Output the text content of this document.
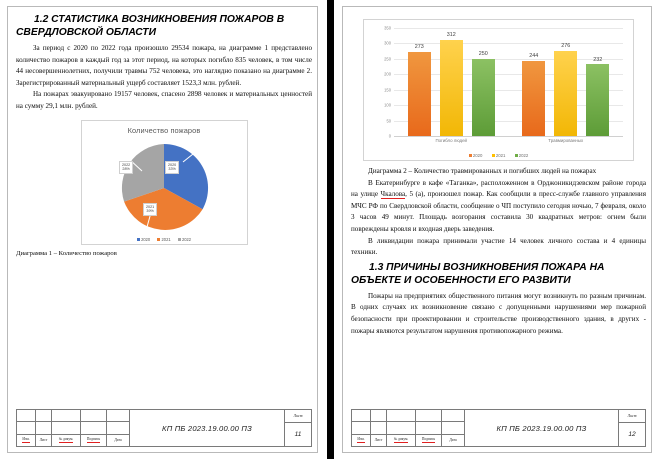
1.2 СТАТИСТИКА ВОЗНИКНОВЕНИЯ ПОЖАРОВ В СВЕРДЛОВСКОЙ ОБЛАСТИ

За период с 2020 по 2022 года произошло 29534 пожара, на диаграмме 1 представлено количество пожаров в каждый год за этот период, на которых погибло 835 человек, в том числе 44 несовершеннолетних, получили травмы 752 человека, это наглядно показано на диаграмме 2. Зарегистрированный материальный ущерб составляет 1523,3 млн. рублей.

На пожарах эвакуировано 19157 человек, спасено 2898 человек и материальных ценностей на сумму 29,1 млн. рублей.

Количество пожаров
2020
33%
2021
39%
2022
28%
2020	2021	2022

Диаграмма 1 – Количество пожаров

Изм.	Лист	№ докум.	Подпись	Дата
КП ПБ 2023.19.00.00 ПЗ
Лист
11
350
300
250
200
150
100
50
0
273
312
250	244
276
232
Погибло людей	Травмированных
2020	2021	2022

Диаграмма 2 – Количество травмированных и погибших людей на пожарах

В Екатеринбурге в кафе «Таганка», расположенном в Орджоникидзевском районе города на улице Чкалова, 5 (а), произошел пожар. Как сообщили в пресс-службе главного управления МЧС РФ по Свердловской области, сообщение о ЧП поступило сегодня ночью, 7 февраля, около 3 часов 49 минут. Площадь возгорания составила 30 квадратных метров: огнем были повреждены кровля и входная дверь заведения.

В ликвидации пожара принимали участие 14 человек личного состава и 4 единицы техники.

1.3 ПРИЧИНЫ ВОЗНИКНОВЕНИЯ ПОЖАРА НА ОБЪЕКТЕ И ОСОБЕННОСТИ ЕГО РАЗВИТИ

Пожары на предприятиях общественного питания могут возникнуть по разным причинам. В одних случаях их возникновение связано с допущенными нарушениями мер пожарной безопасности при проектировании и строительстве производственного здания, в других - пожары являются результатом нарушения противопожарного режима.

Изм.	Лист	№ докум.	Подпись	Дата
КП ПБ 2023.19.00.00 ПЗ
Лист
12
